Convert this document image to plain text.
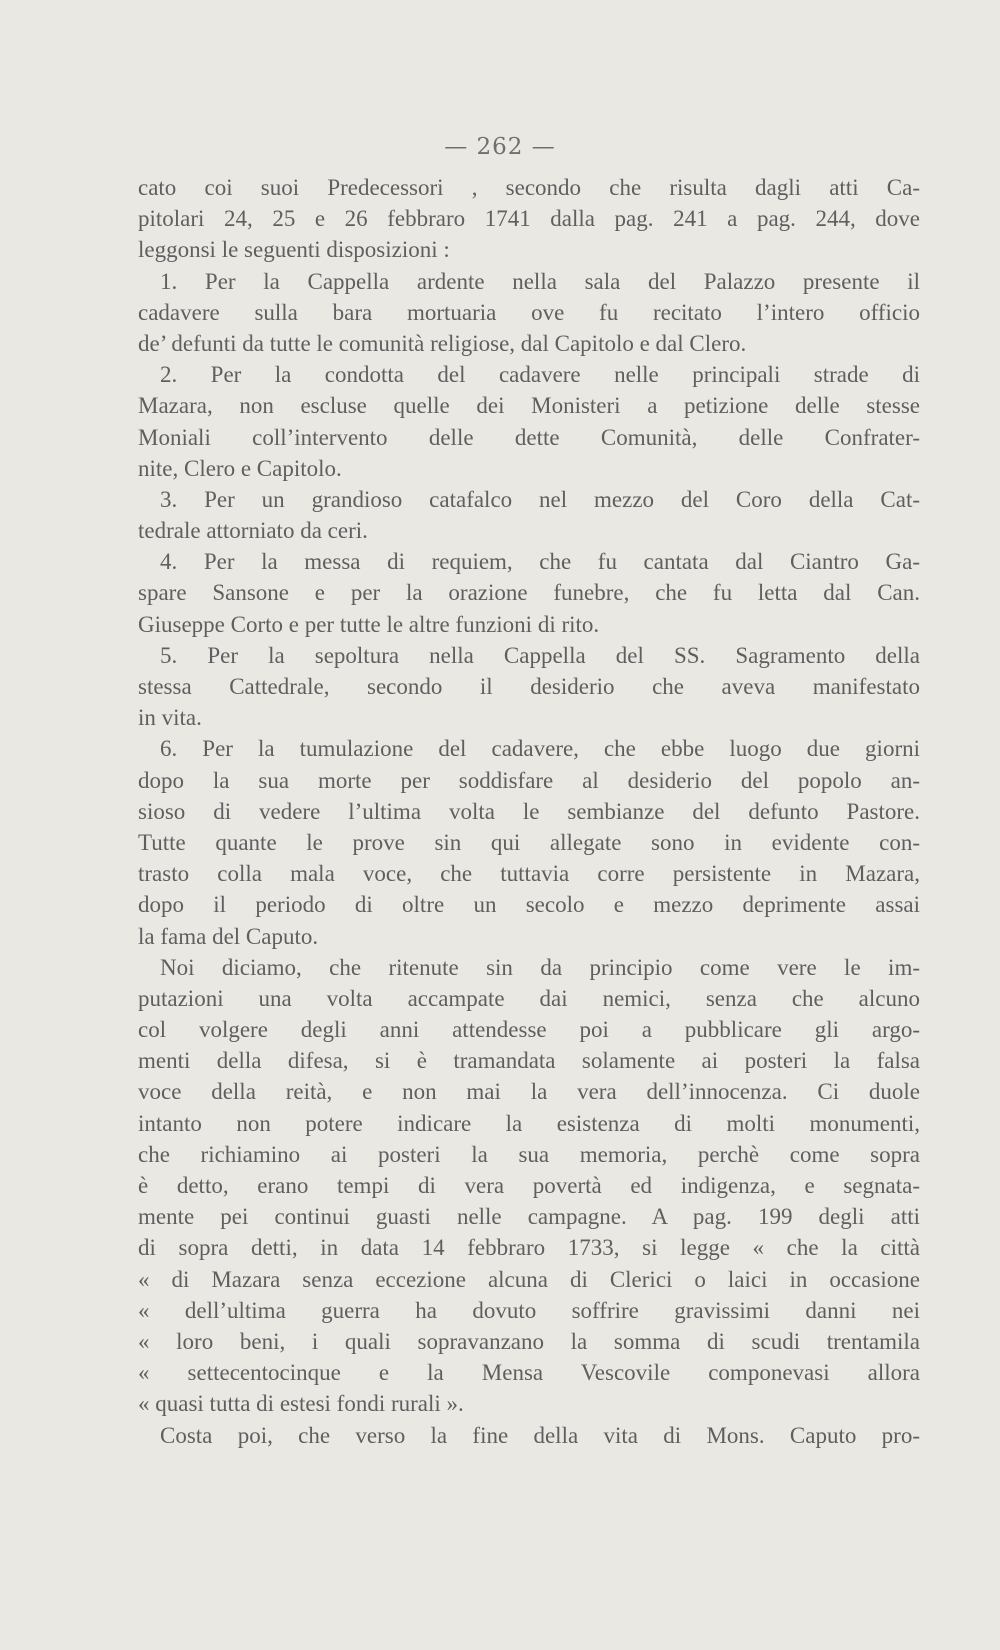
— 262 —
cato coi suoi Predecessori , secondo che risulta dagli atti Ca-
pitolari 24, 25 e 26 febbraro 1741 dalla pag. 241 a pag. 244, dove
leggonsi le seguenti disposizioni :
1. Per la Cappella ardente nella sala del Palazzo presente il
cadavere sulla bara mortuaria ove fu recitato l’intero officio
de’ defunti da tutte le comunità religiose, dal Capitolo e dal Clero.
2. Per la condotta del cadavere nelle principali strade di
Mazara, non escluse quelle dei Monisteri a petizione delle stesse
Moniali coll’intervento delle dette Comunità, delle Confrater-
nite, Clero e Capitolo.
3. Per un grandioso catafalco nel mezzo del Coro della Cat-
tedrale attorniato da ceri.
4. Per la messa di requiem, che fu cantata dal Ciantro Ga-
spare Sansone e per la orazione funebre, che fu letta dal Can.
Giuseppe Corto e per tutte le altre funzioni di rito.
5. Per la sepoltura nella Cappella del SS. Sagramento della
stessa Cattedrale, secondo il desiderio che aveva manifestato
in vita.
6. Per la tumulazione del cadavere, che ebbe luogo due giorni
dopo la sua morte per soddisfare al desiderio del popolo an-
sioso di vedere l’ultima volta le sembianze del defunto Pastore.
Tutte quante le prove sin qui allegate sono in evidente con-
trasto colla mala voce, che tuttavia corre persistente in Mazara,
dopo il periodo di oltre un secolo e mezzo deprimente assai
la fama del Caputo.
Noi diciamo, che ritenute sin da principio come vere le im-
putazioni una volta accampate dai nemici, senza che alcuno
col volgere degli anni attendesse poi a pubblicare gli argo-
menti della difesa, si è tramandata solamente ai posteri la falsa
voce della reità, e non mai la vera dell’innocenza. Ci duole
intanto non potere indicare la esistenza di molti monumenti,
che richiamino ai posteri la sua memoria, perchè come sopra
è detto, erano tempi di vera povertà ed indigenza, e segnata-
mente pei continui guasti nelle campagne. A pag. 199 degli atti
di sopra detti, in data 14 febbraro 1733, si legge « che la città
« di Mazara senza eccezione alcuna di Clerici o laici in occasione
« dell’ultima guerra ha dovuto soffrire gravissimi danni nei
« loro beni, i quali sopravanzano la somma di scudi trentamila
« settecentocinque e la Mensa Vescovile componevasi allora
« quasi tutta di estesi fondi rurali ».
Costa poi, che verso la fine della vita di Mons. Caputo pro-
